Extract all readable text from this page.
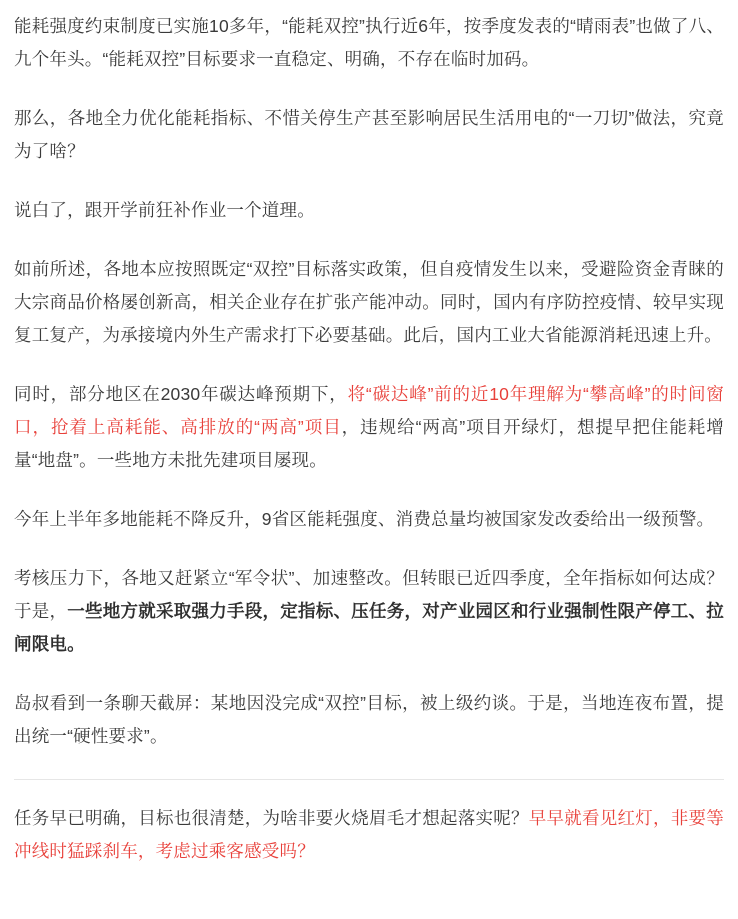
能耗强度约束制度已实施10多年，“能耗双控”执行近6年，按季度发表的“晴雨表”也做了八、九个年头。“能耗双控”目标要求一直稳定、明确，不存在临时加码。

那么，各地全力优化能耗指标、不惜关停生产甚至影响居民生活用电的“一刀切”做法，究竟为了啥？

说白了，跟开学前狂补作业一个道理。

如前所述，各地本应按照既定“双控”目标落实政策，但自疫情发生以来，受避险资金青睐的大宗商品价格屡创新高，相关企业存在扩张产能冲动。同时，国内有序防控疫情、较早实现复工复产，为承接境内外生产需求打下必要基础。此后，国内工业大省能源消耗迅速上升。

同时，部分地区在2030年碳达峰预期下，将“碳达峰”前的近10年理解为“攀高峰”的时间窗口，抢着上高耗能、高排放的“两高”项目，违规给“两高”项目开绿灯，想提早把住能耗增量“地盘”。一些地方未批先建项目屡现。

今年上半年多地能耗不降反升，9省区能耗强度、消费总量均被国家发改委给出一级预警。

考核压力下，各地又赶紧立“军令状”、加速整改。但转眼已近四季度，全年指标如何达成？于是，一些地方就采取强力手段，定指标、压任务，对产业园区和行业强制性限产停工、拉闸限电。

岛叔看到一条聊天截屏：某地因没完成“双控”目标，被上级约谈。于是，当地连夜布置，提出统一“硬性要求”。

任务早已明确，目标也很清楚，为啥非要火烧眉毛才想起落实呢？早早就看见红灯，非要等冲线时猛踩刹车，考虑过乘客感受吗？
